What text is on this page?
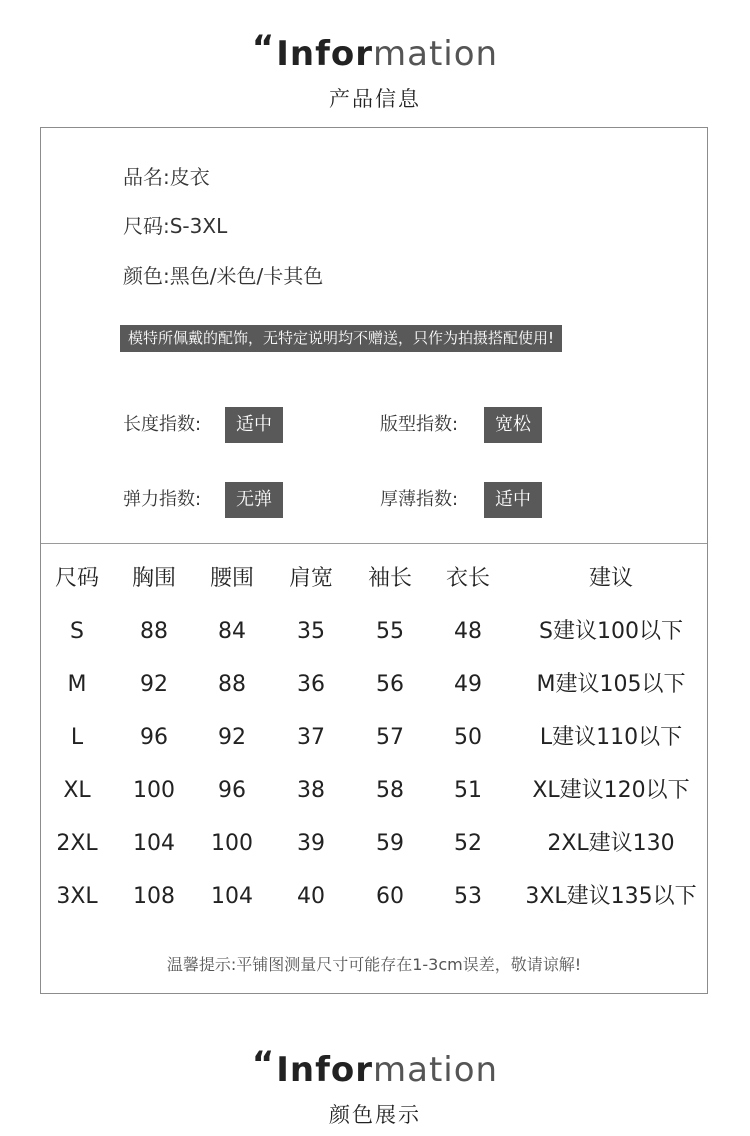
“Information
产品信息
品名:皮衣
尺码:S-3XL
颜色:黑色/米色/卡其色
模特所佩戴的配饰，无特定说明均不赠送，只作为拍摄搭配使用!
长度指数:	适中	版型指数:	宽松
弹力指数:	无弹	厚薄指数:	适中
尺码	胸围	腰围	肩宽	袖长	衣长	建议
S	88	84	35	55	48	S建议100以下
M	92	88	36	56	49	M建议105以下
L	96	92	37	57	50	L建议110以下
XL	100	96	38	58	51	XL建议120以下
2XL	104	100	39	59	52	2XL建议130
3XL	108	104	40	60	53	3XL建议135以下
温馨提示:平铺图测量尺寸可能存在1-3cm误差，敬请谅解!
“Information
颜色展示
